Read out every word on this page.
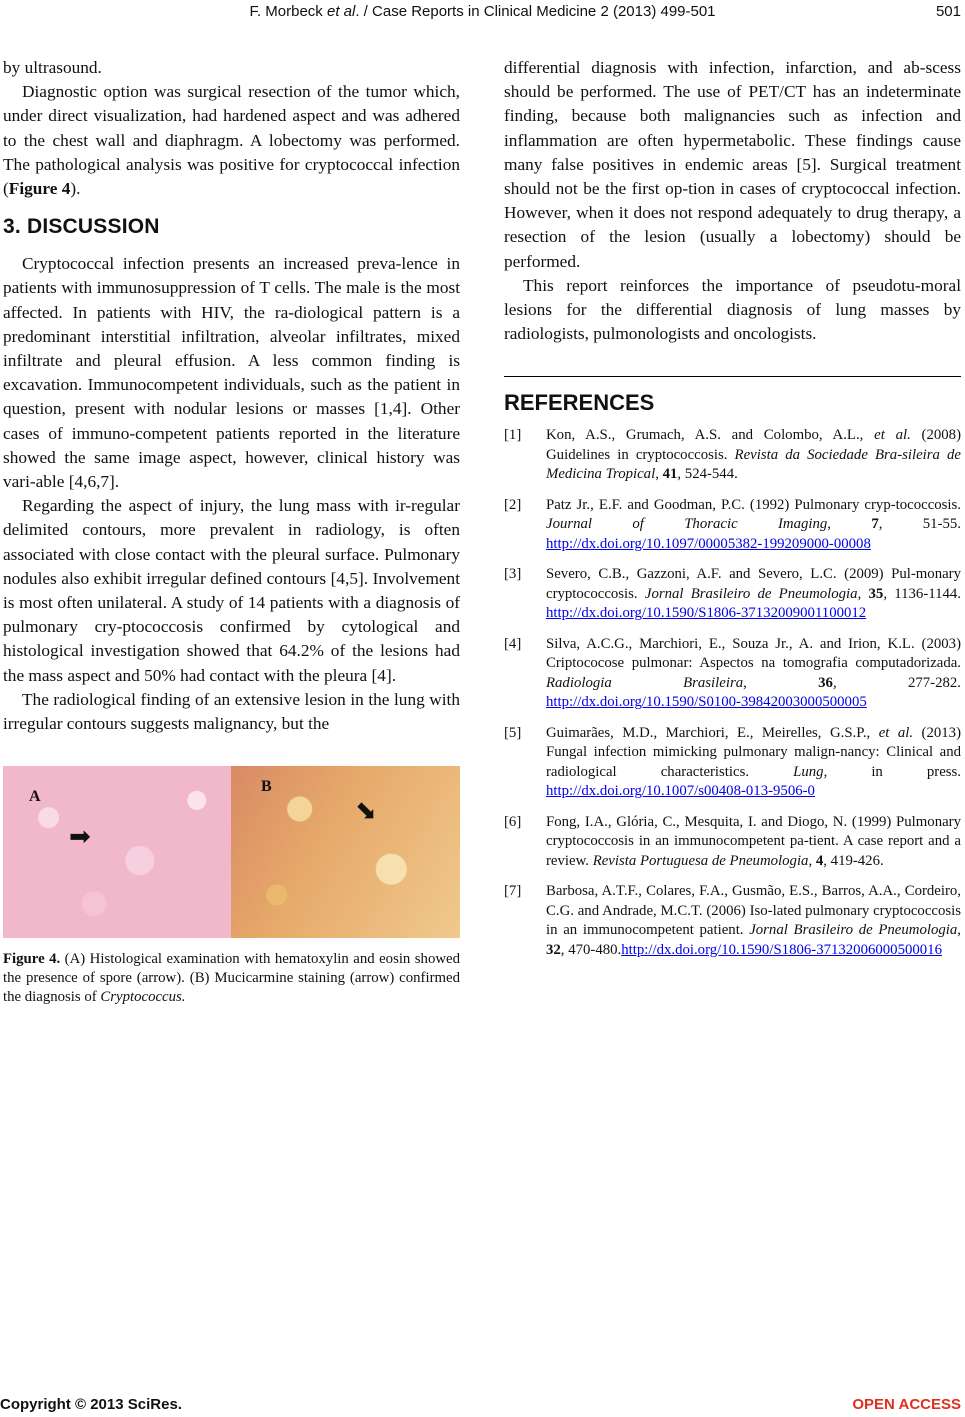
F. Morbeck et al. / Case Reports in Clinical Medicine 2 (2013) 499-501	501

by ultrasound.

Diagnostic option was surgical resection of the tumor which, under direct visualization, had hardened aspect and was adhered to the chest wall and diaphragm. A lobectomy was performed. The pathological analysis was positive for cryptococcal infection (Figure 4).

3. DISCUSSION

Cryptococcal infection presents an increased preva-lence in patients with immunosuppression of T cells. The male is the most affected. In patients with HIV, the ra-diological pattern is a predominant interstitial infiltration, alveolar infiltrates, mixed infiltrate and pleural effusion. A less common finding is excavation. Immunocompetent individuals, such as the patient in question, present with nodular lesions or masses [1,4]. Other cases of immuno-competent patients reported in the literature showed the same image aspect, however, clinical history was vari-able [4,6,7].

Regarding the aspect of injury, the lung mass with ir-regular delimited contours, more prevalent in radiology, is often associated with close contact with the pleural surface. Pulmonary nodules also exhibit irregular defined contours [4,5]. Involvement is most often unilateral. A study of 14 patients with a diagnosis of pulmonary cry-ptococcosis confirmed by cytological and histological investigation showed that 64.2% of the lesions had the mass aspect and 50% had contact with the pleura [4].

The radiological finding of an extensive lesion in the lung with irregular contours suggests malignancy, but the

A
➡
B
⬊
Figure 4. (A) Histological examination with hematoxylin and eosin showed the presence of spore (arrow). (B) Mucicarmine staining (arrow) confirmed the diagnosis of Cryptococcus.

differential diagnosis with infection, infarction, and ab-scess should be performed. The use of PET/CT has an indeterminate finding, because both malignancies such as infection and inflammation are often hypermetabolic. These findings cause many false positives in endemic areas [5]. Surgical treatment should not be the first op-tion in cases of cryptococcal infection. However, when it does not respond adequately to drug therapy, a resection of the lesion (usually a lobectomy) should be performed.

This report reinforces the importance of pseudotu-moral lesions for the differential diagnosis of lung masses by radiologists, pulmonologists and oncologists.

REFERENCES
[1]	Kon, A.S., Grumach, A.S. and Colombo, A.L., et al. (2008) Guidelines in cryptococcosis. Revista da Sociedade Bra-sileira de Medicina Tropical, 41, 524-544.
[2]	Patz Jr., E.F. and Goodman, P.C. (1992) Pulmonary cryp-tococcosis. Journal of Thoracic Imaging, 7, 51-55.http://dx.doi.org/10.1097/00005382-199209000-00008
[3]	Severo, C.B., Gazzoni, A.F. and Severo, L.C. (2009) Pul-monary cryptococcosis. Jornal Brasileiro de Pneumologia, 35, 1136-1144.http://dx.doi.org/10.1590/S1806-37132009001100012
[4]	Silva, A.C.G., Marchiori, E., Souza Jr., A. and Irion, K.L. (2003) Criptococose pulmonar: Aspectos na tomografia computadorizada. Radiologia Brasileira, 36, 277-282.http://dx.doi.org/10.1590/S0100-39842003000500005
[5]	Guimarães, M.D., Marchiori, E., Meirelles, G.S.P., et al. (2013) Fungal infection mimicking pulmonary malign-nancy: Clinical and radiological characteristics. Lung, in press. http://dx.doi.org/10.1007/s00408-013-9506-0
[6]	Fong, I.A., Glória, C., Mesquita, I. and Diogo, N. (1999) Pulmonary cryptococcosis in an immunocompetent pa-tient. A case report and a review. Revista Portuguesa de Pneumologia, 4, 419-426.
[7]	Barbosa, A.T.F., Colares, F.A., Gusmão, E.S., Barros, A.A., Cordeiro, C.G. and Andrade, M.C.T. (2006) Iso-lated pulmonary cryptococcosis in an immunocompetent patient. Jornal Brasileiro de Pneumologia, 32, 470-480.http://dx.doi.org/10.1590/S1806-37132006000500016
Copyright © 2013 SciRes.	OPEN ACCESS
